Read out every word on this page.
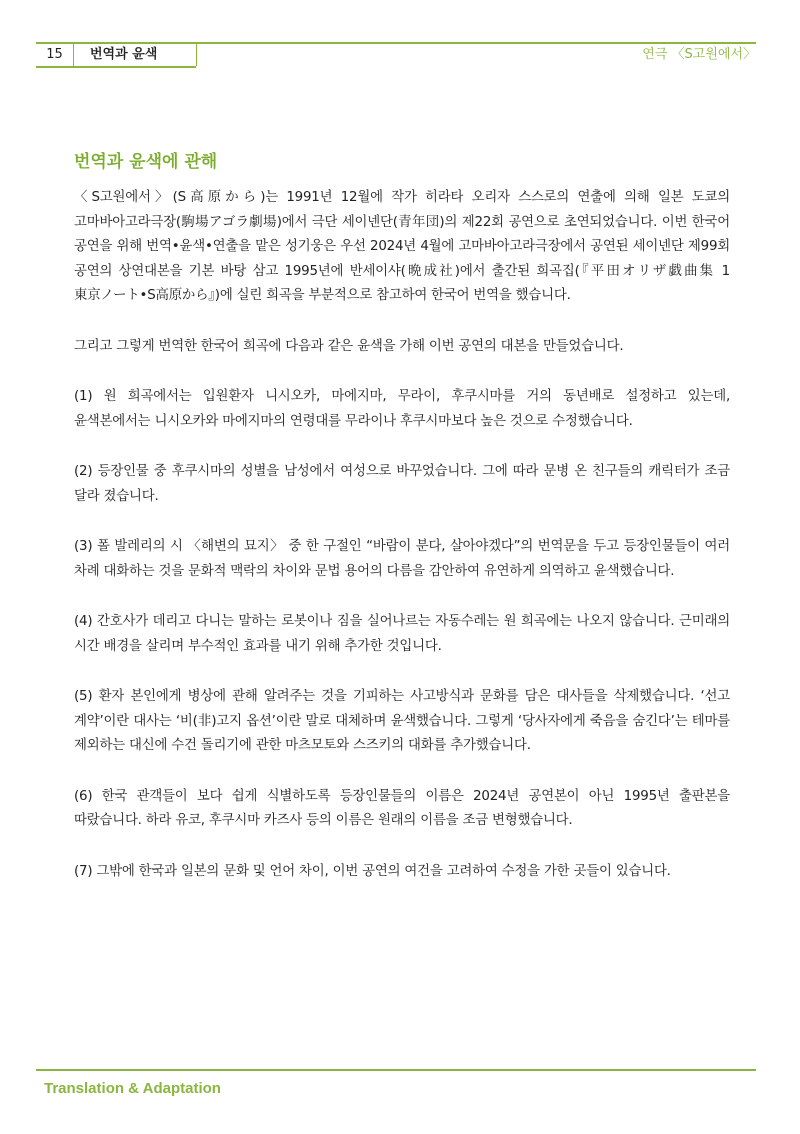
15	번역과 윤색	연극 〈S고원에서〉
번역과 윤색에 관해

〈S고원에서〉(S高原から)는 1991년 12월에 작가 히라타 오리자 스스로의 연출에 의해 일본 도쿄의 고마바아고라극장(駒場アゴラ劇場)에서 극단 세이넨단(青年団)의 제22회 공연으로 초연되었습니다. 이번 한국어 공연을 위해 번역•윤색•연출을 맡은 성기웅은 우선 2024년 4월에 고마바아고라극장에서 공연된 세이넨단 제99회 공연의 상연대본을 기본 바탕 삼고 1995년에 반세이샤(晩成社)에서 출간된 희곡집(『平田オリザ戯曲集 1 東京ノート•S高原から』)에 실린 희곡을 부분적으로 참고하여 한국어 번역을 했습니다.

그리고 그렇게 번역한 한국어 희곡에 다음과 같은 윤색을 가해 이번 공연의 대본을 만들었습니다.

(1) 원 희곡에서는 입원환자 니시오카, 마에지마, 무라이, 후쿠시마를 거의 동년배로 설정하고 있는데, 윤색본에서는 니시오카와 마에지마의 연령대를 무라이나 후쿠시마보다 높은 것으로 수정했습니다.

(2) 등장인물 중 후쿠시마의 성별을 남성에서 여성으로 바꾸었습니다. 그에 따라 문병 온 친구들의 캐릭터가 조금 달라 졌습니다.

(3) 폴 발레리의 시 〈해변의 묘지〉 중 한 구절인 “바람이 분다, 살아야겠다”의 번역문을 두고 등장인물들이 여러 차례 대화하는 것을 문화적 맥락의 차이와 문법 용어의 다름을 감안하여 유연하게 의역하고 윤색했습니다.

(4) 간호사가 데리고 다니는 말하는 로봇이나 짐을 실어나르는 자동수레는 원 희곡에는 나오지 않습니다. 근미래의 시간 배경을 살리며 부수적인 효과를 내기 위해 추가한 것입니다.

(5) 환자 본인에게 병상에 관해 알려주는 것을 기피하는 사고방식과 문화를 담은 대사들을 삭제했습니다. ‘선고 계약’이란 대사는 ‘비(非)고지 옵션’이란 말로 대체하며 윤색했습니다. 그렇게 ‘당사자에게 죽음을 숨긴다’는 테마를 제외하는 대신에 수건 돌리기에 관한 마츠모토와 스즈키의 대화를 추가했습니다.

(6) 한국 관객들이 보다 쉽게 식별하도록 등장인물들의 이름은 2024년 공연본이 아닌 1995년 출판본을 따랐습니다. 하라 유코, 후쿠시마 카즈사 등의 이름은 원래의 이름을 조금 변형했습니다.

(7) 그밖에 한국과 일본의 문화 및 언어 차이, 이번 공연의 여건을 고려하여 수정을 가한 곳들이 있습니다.

Translation & Adaptation
